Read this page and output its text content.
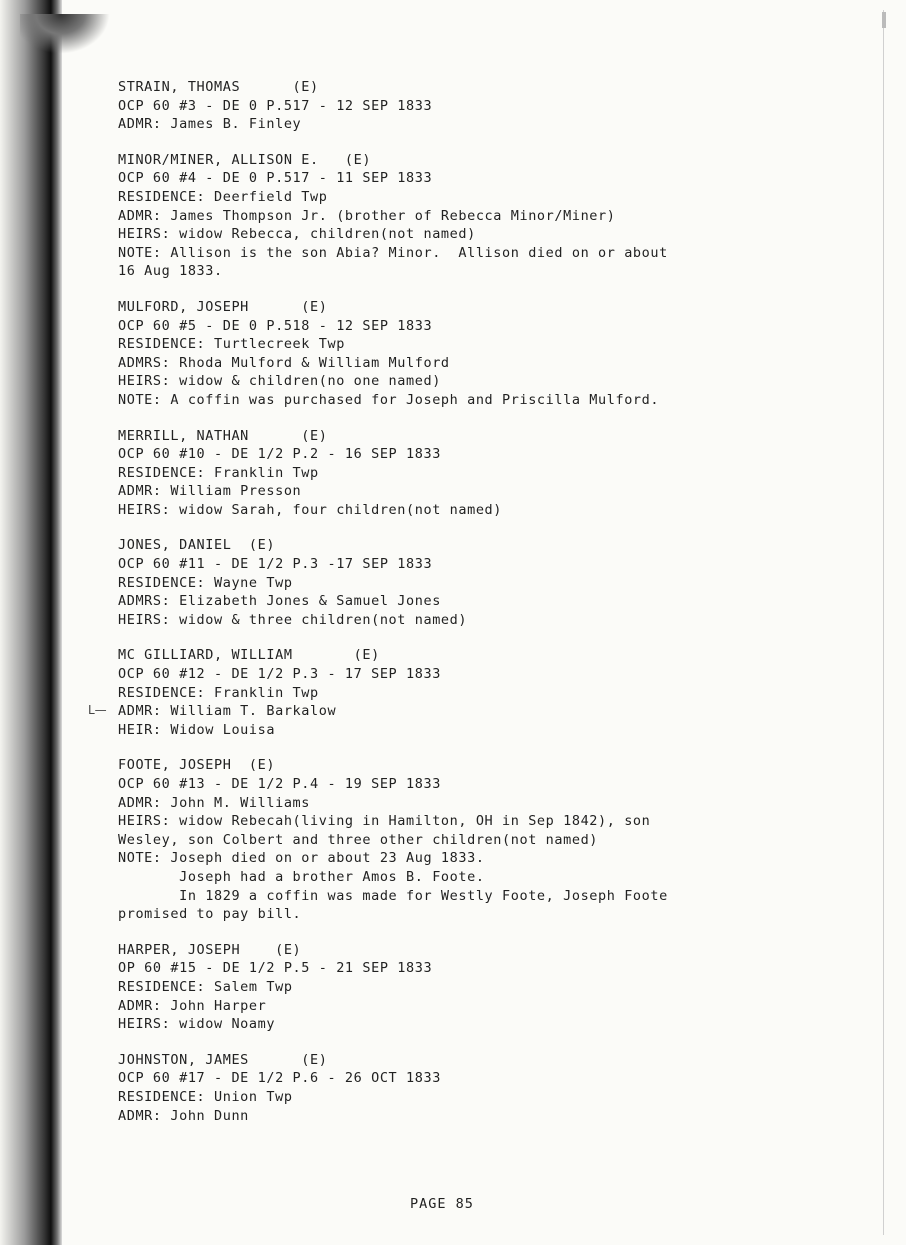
STRAIN, THOMAS      (E)
OCP 60 #3 - DE 0 P.517 - 12 SEP 1833
ADMR: James B. Finley
MINOR/MINER, ALLISON E.   (E)
OCP 60 #4 - DE 0 P.517 - 11 SEP 1833
RESIDENCE: Deerfield Twp
ADMR: James Thompson Jr. (brother of Rebecca Minor/Miner)
HEIRS: widow Rebecca, children(not named)
NOTE: Allison is the son Abia? Minor.  Allison died on or about
16 Aug 1833.
MULFORD, JOSEPH      (E)
OCP 60 #5 - DE 0 P.518 - 12 SEP 1833
RESIDENCE: Turtlecreek Twp
ADMRS: Rhoda Mulford & William Mulford
HEIRS: widow & children(no one named)
NOTE: A coffin was purchased for Joseph and Priscilla Mulford.
MERRILL, NATHAN      (E)
OCP 60 #10 - DE 1/2 P.2 - 16 SEP 1833
RESIDENCE: Franklin Twp
ADMR: William Presson
HEIRS: widow Sarah, four children(not named)
JONES, DANIEL  (E)
OCP 60 #11 - DE 1/2 P.3 -17 SEP 1833
RESIDENCE: Wayne Twp
ADMRS: Elizabeth Jones & Samuel Jones
HEIRS: widow & three children(not named)
MC GILLIARD, WILLIAM       (E)
OCP 60 #12 - DE 1/2 P.3 - 17 SEP 1833
RESIDENCE: Franklin Twp
ADMR: William T. Barkalow
HEIR: Widow Louisa
FOOTE, JOSEPH  (E)
OCP 60 #13 - DE 1/2 P.4 - 19 SEP 1833
ADMR: John M. Williams
HEIRS: widow Rebecah(living in Hamilton, OH in Sep 1842), son
Wesley, son Colbert and three other children(not named)
NOTE: Joseph died on or about 23 Aug 1833.
Joseph had a brother Amos B. Foote.
In 1829 a coffin was made for Westly Foote, Joseph Foote
promised to pay bill.
HARPER, JOSEPH    (E)
OP 60 #15 - DE 1/2 P.5 - 21 SEP 1833
RESIDENCE: Salem Twp
ADMR: John Harper
HEIRS: widow Noamy
JOHNSTON, JAMES      (E)
OCP 60 #17 - DE 1/2 P.6 - 26 OCT 1833
RESIDENCE: Union Twp
ADMR: John Dunn
ᒪ—
PAGE 85
